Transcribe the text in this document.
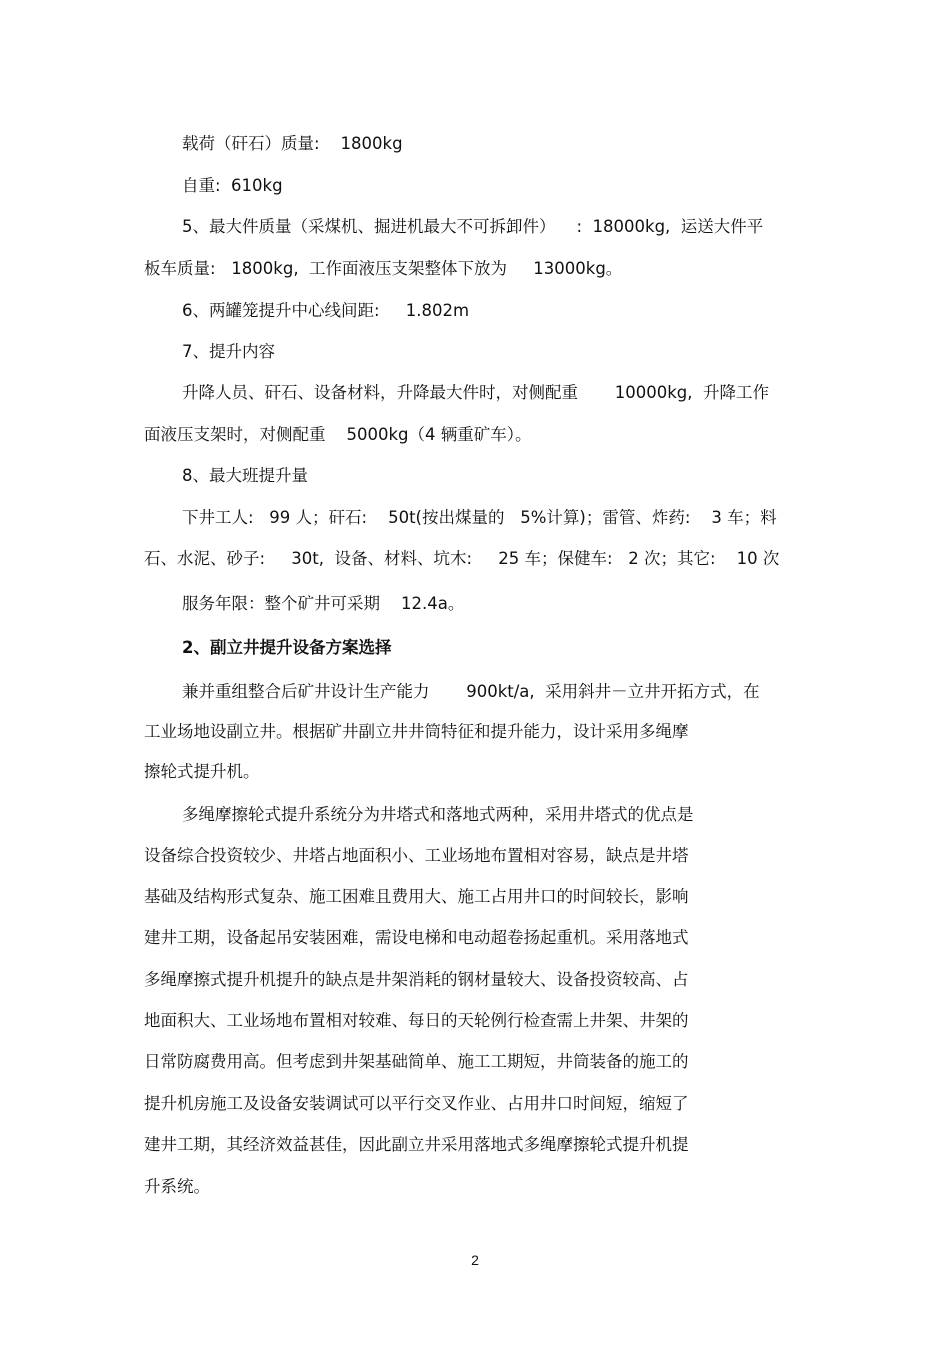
载荷（矸石）质量:    1800kg
自重:  610kg
5、最大件质量（采煤机、掘进机最大不可拆卸件）    :  18000kg,  运送大件平
板车质量:   1800kg,  工作面液压支架整体下放为     13000kg。
6、两罐笼提升中心线间距:     1.802m
7、提升内容
升降人员、矸石、设备材料，升降最大件时，对侧配重       10000kg,  升降工作
面液压支架时，对侧配重    5000kg（4 辆重矿车）。
8、最大班提升量
下井工人:   99 人；矸石:    50t(按出煤量的   5%计算)；雷管、炸药:    3 车；料
石、水泥、砂子:     30t,  设备、材料、坑木:     25 车；保健车:   2 次；其它:    10 次
服务年限：整个矿井可采期    12.4a。
2、副立井提升设备方案选择
兼并重组整合后矿井设计生产能力       900kt/a,  采用斜井－立井开拓方式，在
工业场地设副立井。根据矿井副立井井筒特征和提升能力，设计采用多绳摩
擦轮式提升机。
多绳摩擦轮式提升系统分为井塔式和落地式两种，采用井塔式的优点是
设备综合投资较少、井塔占地面积小、工业场地布置相对容易，缺点是井塔
基础及结构形式复杂、施工困难且费用大、施工占用井口的时间较长，影响
建井工期，设备起吊安装困难，需设电梯和电动超卷扬起重机。采用落地式
多绳摩擦式提升机提升的缺点是井架消耗的钢材量较大、设备投资较高、占
地面积大、工业场地布置相对较难、每日的天轮例行检查需上井架、井架的
日常防腐费用高。但考虑到井架基础简单、施工工期短，井筒装备的施工的
提升机房施工及设备安装调试可以平行交叉作业、占用井口时间短，缩短了
建井工期，其经济效益甚佳，因此副立井采用落地式多绳摩擦轮式提升机提
升系统。
2
